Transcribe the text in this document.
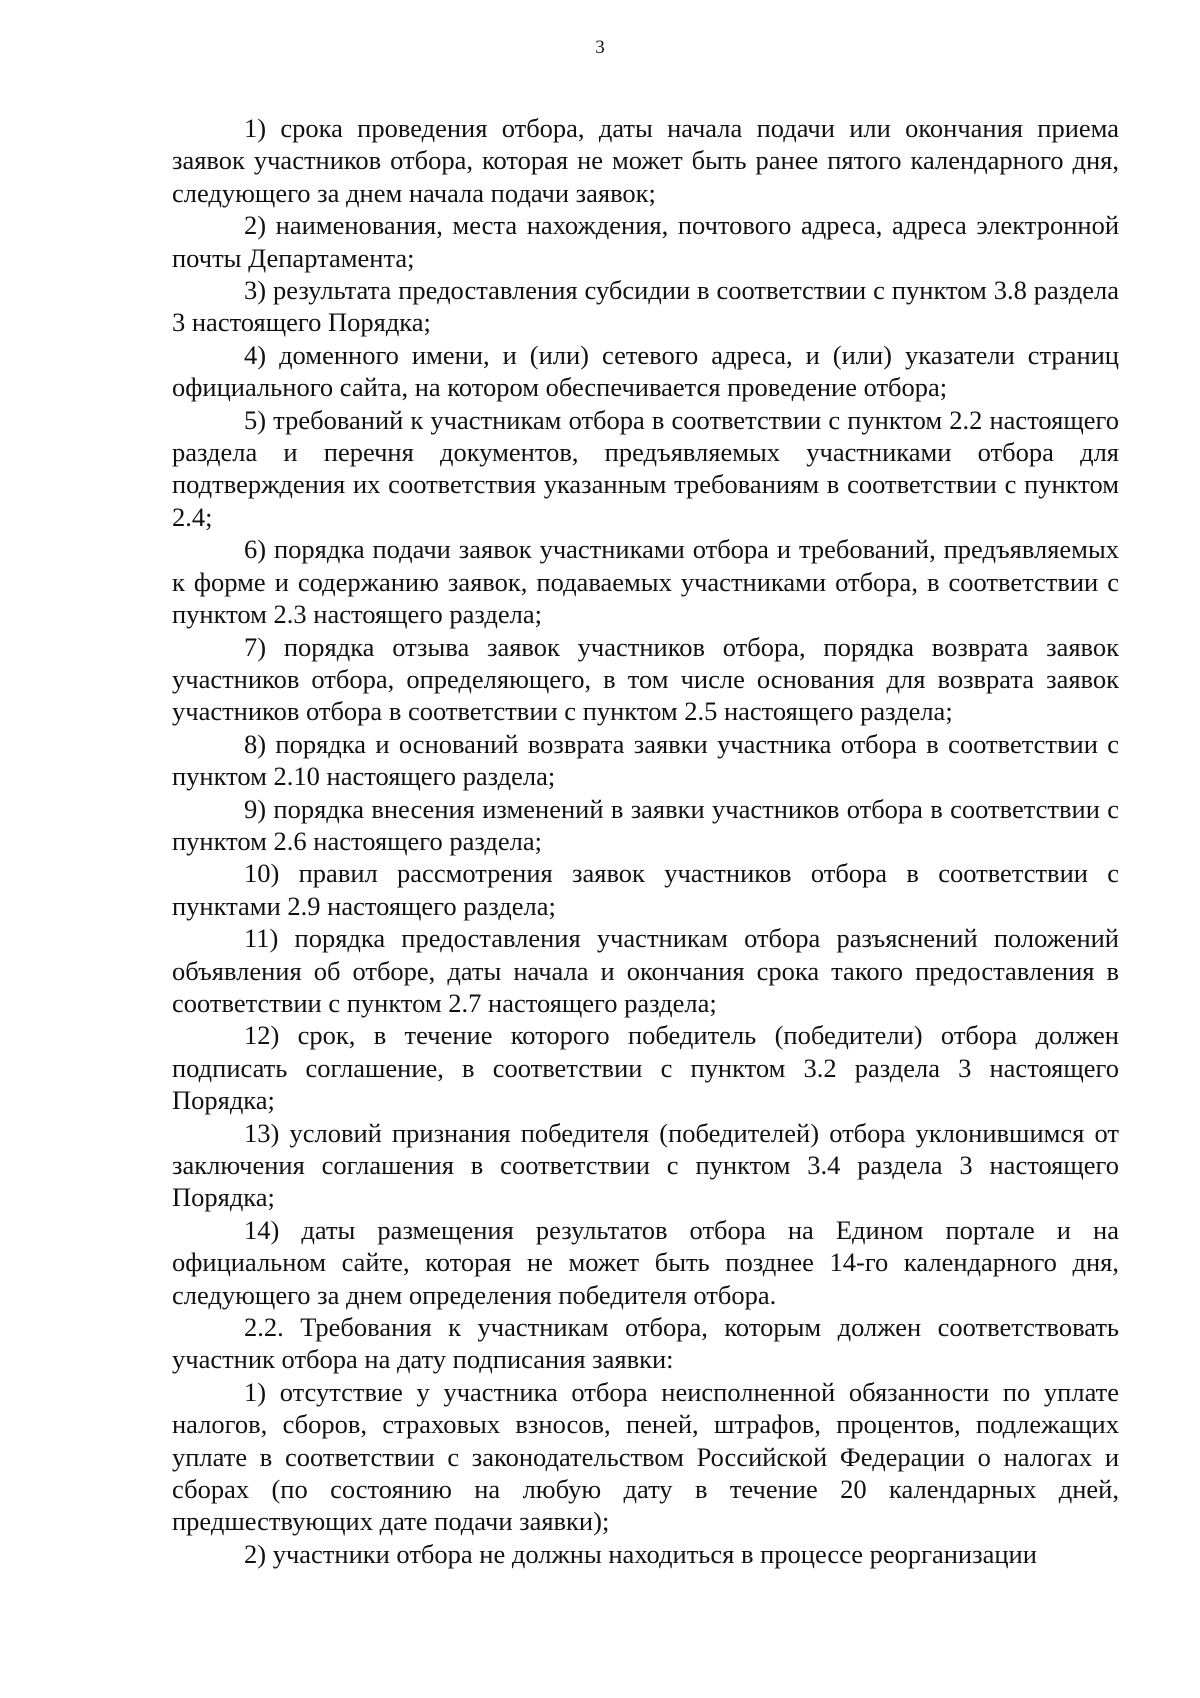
3

1) срока проведения отбора, даты начала подачи или окончания приема заявок участников отбора, которая не может быть ранее пятого календарного дня, следующего за днем начала подачи заявок;

2) наименования, места нахождения, почтового адреса, адреса электронной почты Департамента;

3) результата предоставления субсидии в соответствии с пунктом 3.8 раздела 3 настоящего Порядка;

4) доменного имени, и (или) сетевого адреса, и (или) указатели страниц официального сайта, на котором обеспечивается проведение отбора;

5) требований к участникам отбора в соответствии с пунктом 2.2 настоящего раздела и перечня документов, предъявляемых участниками отбора для подтверждения их соответствия указанным требованиям в соответствии с пунктом 2.4;

6) порядка подачи заявок участниками отбора и требований, предъявляемых к форме и содержанию заявок, подаваемых участниками отбора, в соответствии с пунктом 2.3 настоящего раздела;

7) порядка отзыва заявок участников отбора, порядка возврата заявок участников отбора, определяющего, в том числе основания для возврата заявок участников отбора в соответствии с пунктом 2.5 настоящего раздела;

8) порядка и оснований возврата заявки участника отбора в соответствии с пунктом 2.10 настоящего раздела;

9) порядка внесения изменений в заявки участников отбора в соответствии с пунктом 2.6 настоящего раздела;

10) правил рассмотрения заявок участников отбора в соответствии с пунктами 2.9 настоящего раздела;

11) порядка предоставления участникам отбора разъяснений положений объявления об отборе, даты начала и окончания срока такого предоставления в соответствии с пунктом 2.7 настоящего раздела;

12) срок, в течение которого победитель (победители) отбора должен подписать соглашение, в соответствии с пунктом 3.2 раздела 3 настоящего Порядка;

13) условий признания победителя (победителей) отбора уклонившимся от заключения соглашения в соответствии с пунктом 3.4 раздела 3 настоящего Порядка;

14) даты размещения результатов отбора на Едином портале и на официальном сайте, которая не может быть позднее 14-го календарного дня, следующего за днем определения победителя отбора.

2.2. Требования к участникам отбора, которым должен соответствовать участник отбора на дату подписания заявки:

1) отсутствие у участника отбора неисполненной обязанности по уплате налогов, сборов, страховых взносов, пеней, штрафов, процентов, подлежащих уплате в соответствии с законодательством Российской Федерации о налогах и сборах (по состоянию на любую дату в течение 20 календарных дней, предшествующих дате подачи заявки);

2) участники отбора не должны находиться в процессе реорганизации
